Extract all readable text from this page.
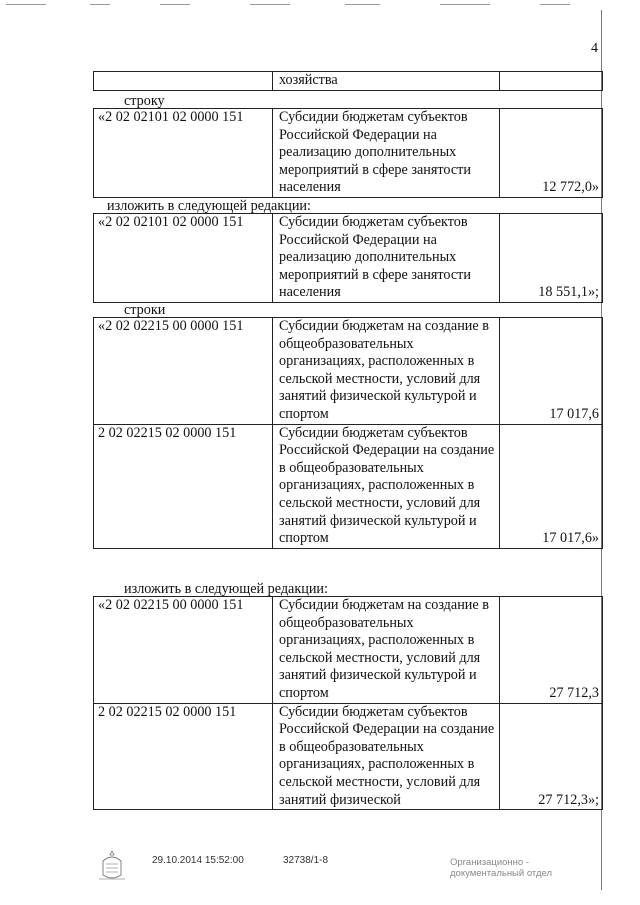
4
	хозяйства	
строку
«2 02 02101 02 0000 151	Субсидии бюджетам субъектов Российской Федерации на реализацию дополнительных мероприятий в сфере занятости населения	12 772,0»
изложить в следующей редакции:
«2 02 02101 02 0000 151	Субсидии бюджетам субъектов Российской Федерации на реализацию дополнительных мероприятий в сфере занятости населения	18 551,1»;
строки
«2 02 02215 00 0000 151	Субсидии бюджетам на создание в общеобразовательных организациях, расположенных в сельской местности, условий для занятий физической культурой и спортом	17 017,6
2 02 02215 02 0000 151	Субсидии бюджетам субъектов Российской Федерации на создание в общеобразовательных организациях, расположенных в сельской местности, условий для занятий физической культурой и спортом	17 017,6»
изложить в следующей редакции:
«2 02 02215 00 0000 151	Субсидии бюджетам на создание в общеобразовательных организациях, расположенных в сельской местности, условий для занятий физической культурой и спортом	27 712,3
2 02 02215 02 0000 151	Субсидии бюджетам субъектов Российской Федерации на создание в общеобразовательных организациях, расположенных в сельской местности, условий для занятий физической	27 712,3»;
29.10.2014 15:52:00	32738/1-8	Организационно -
документальный отдел
